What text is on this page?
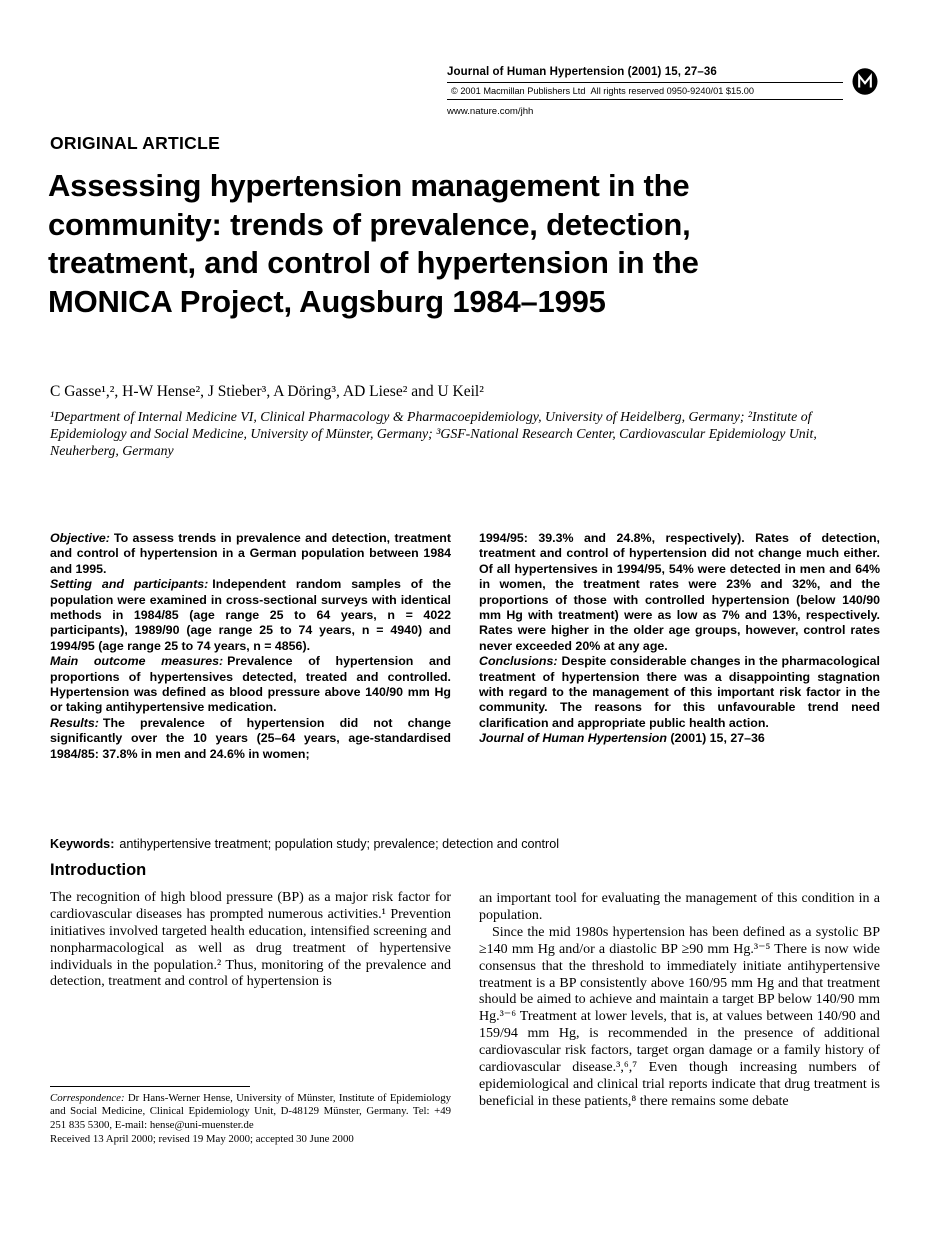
Journal of Human Hypertension (2001) 15, 27–36
© 2001 Macmillan Publishers Ltd  All rights reserved 0950-9240/01 $15.00
www.nature.com/jhh
ORIGINAL ARTICLE
Assessing hypertension management in the community: trends of prevalence, detection, treatment, and control of hypertension in the MONICA Project, Augsburg 1984–1995
C Gasse¹,², H-W Hense², J Stieber³, A Döring³, AD Liese² and U Keil²
¹Department of Internal Medicine VI, Clinical Pharmacology & Pharmacoepidemiology, University of Heidelberg, Germany; ²Institute of Epidemiology and Social Medicine, University of Münster, Germany; ³GSF-National Research Center, Cardiovascular Epidemiology Unit, Neuherberg, Germany

Objective: To assess trends in prevalence and detection, treatment and control of hypertension in a German population between 1984 and 1995.

Setting and participants: Independent random samples of the population were examined in cross-sectional surveys with identical methods in 1984/85 (age range 25 to 64 years, n = 4022 participants), 1989/90 (age range 25 to 74 years, n = 4940) and 1994/95 (age range 25 to 74 years, n = 4856).

Main outcome measures: Prevalence of hypertension and proportions of hypertensives detected, treated and controlled. Hypertension was defined as blood pressure above 140/90 mm Hg or taking antihypertensive medication.

Results: The prevalence of hypertension did not change significantly over the 10 years (25–64 years, age-standardised 1984/85: 37.8% in men and 24.6% in women;

1994/95: 39.3% and 24.8%, respectively). Rates of detection, treatment and control of hypertension did not change much either. Of all hypertensives in 1994/95, 54% were detected in men and 64% in women, the treatment rates were 23% and 32%, and the proportions of those with controlled hypertension (below 140/90 mm Hg with treatment) were as low as 7% and 13%, respectively. Rates were higher in the older age groups, however, control rates never exceeded 20% at any age.

Conclusions: Despite considerable changes in the pharmacological treatment of hypertension there was a disappointing stagnation with regard to the management of this important risk factor in the community. The reasons for this unfavourable trend need clarification and appropriate public health action.

Journal of Human Hypertension (2001) 15, 27–36

Keywords: antihypertensive treatment; population study; prevalence; detection and control
Introduction

The recognition of high blood pressure (BP) as a major risk factor for cardiovascular diseases has prompted numerous activities.¹ Prevention initiatives involved targeted health education, intensified screening and nonpharmacological as well as drug treatment of hypertensive individuals in the population.² Thus, monitoring of the prevalence and detection, treatment and control of hypertension is

an important tool for evaluating the management of this condition in a population.

Since the mid 1980s hypertension has been defined as a systolic BP ≥140 mm Hg and/or a diastolic BP ≥90 mm Hg.³⁻⁵ There is now wide consensus that the threshold to immediately initiate antihypertensive treatment is a BP consistently above 160/95 mm Hg and that treatment should be aimed to achieve and maintain a target BP below 140/90 mm Hg.³⁻⁶ Treatment at lower levels, that is, at values between 140/90 and 159/94 mm Hg, is recommended in the presence of additional cardiovascular risk factors, target organ damage or a family history of cardiovascular disease.³,⁶,⁷ Even though increasing numbers of epidemiological and clinical trial reports indicate that drug treatment is beneficial in these patients,⁸ there remains some debate

Correspondence: Dr Hans-Werner Hense, University of Münster, Institute of Epidemiology and Social Medicine, Clinical Epidemiology Unit, D-48129 Münster, Germany. Tel: +49 251 835 5300, E-mail: hense@uni-muenster.de

Received 13 April 2000; revised 19 May 2000; accepted 30 June 2000
